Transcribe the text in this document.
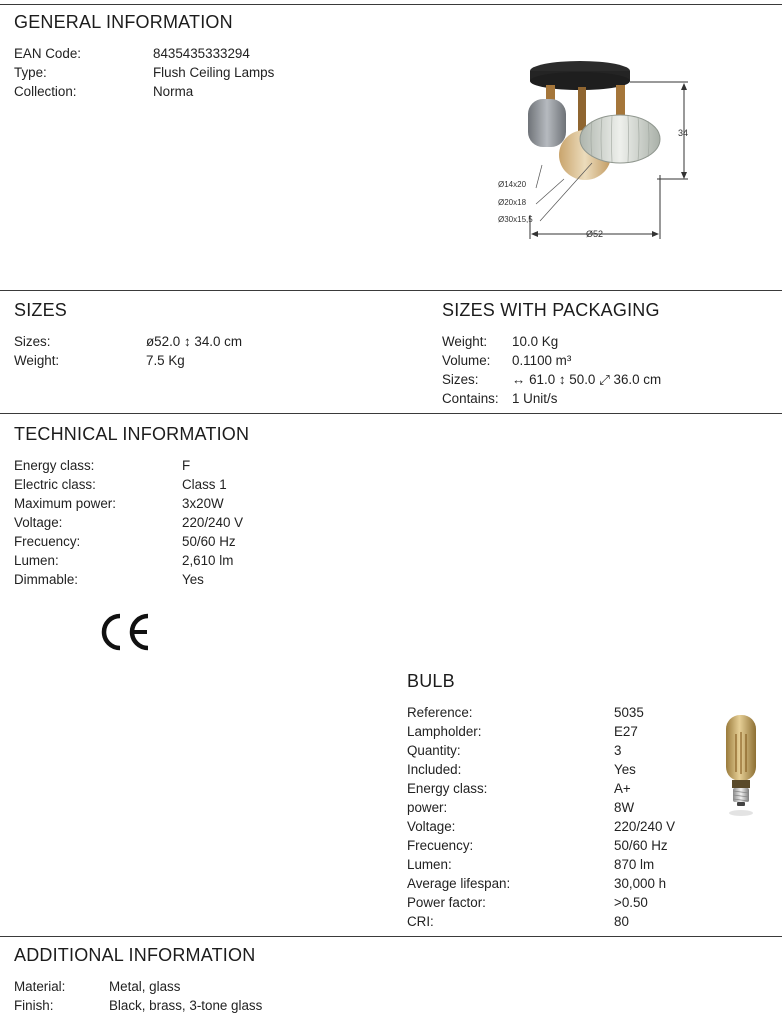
GENERAL INFORMATION
EAN Code:	8435435333294
Type:	Flush Ceiling Lamps
Collection:	Norma
34
Ø52
Ø14x20
Ø20x18
Ø30x15,5
SIZES
Sizes:	ø52.0 ↕ 34.0 cm
Weight:	7.5 Kg
SIZES WITH PACKAGING
Weight: 10.0 Kg
Volume: 0.1100 m³
Sizes:	↔ 61.0 ↕ 50.0 ⤢ 36.0 cm
Contains: 1 Unit/s
TECHNICAL INFORMATION
Energy class:	F
Electric class:	Class 1
Maximum power:	3x20W
Voltage:	220/240 V
Frecuency:	50/60 Hz
Lumen:	2,610 lm
Dimmable:	Yes
BULB
Reference:	5035
Lampholder:	E27
Quantity:	3
Included:	Yes
Energy class:	A+
power:	8W
Voltage:	220/240 V
Frecuency:	50/60 Hz
Lumen:	870 lm
Average lifespan:	30,000 h
Power factor:	>0.50
CRI:	80
ADDITIONAL INFORMATION
Material:	Metal, glass
Finish:	Black, brass, 3-tone glass
